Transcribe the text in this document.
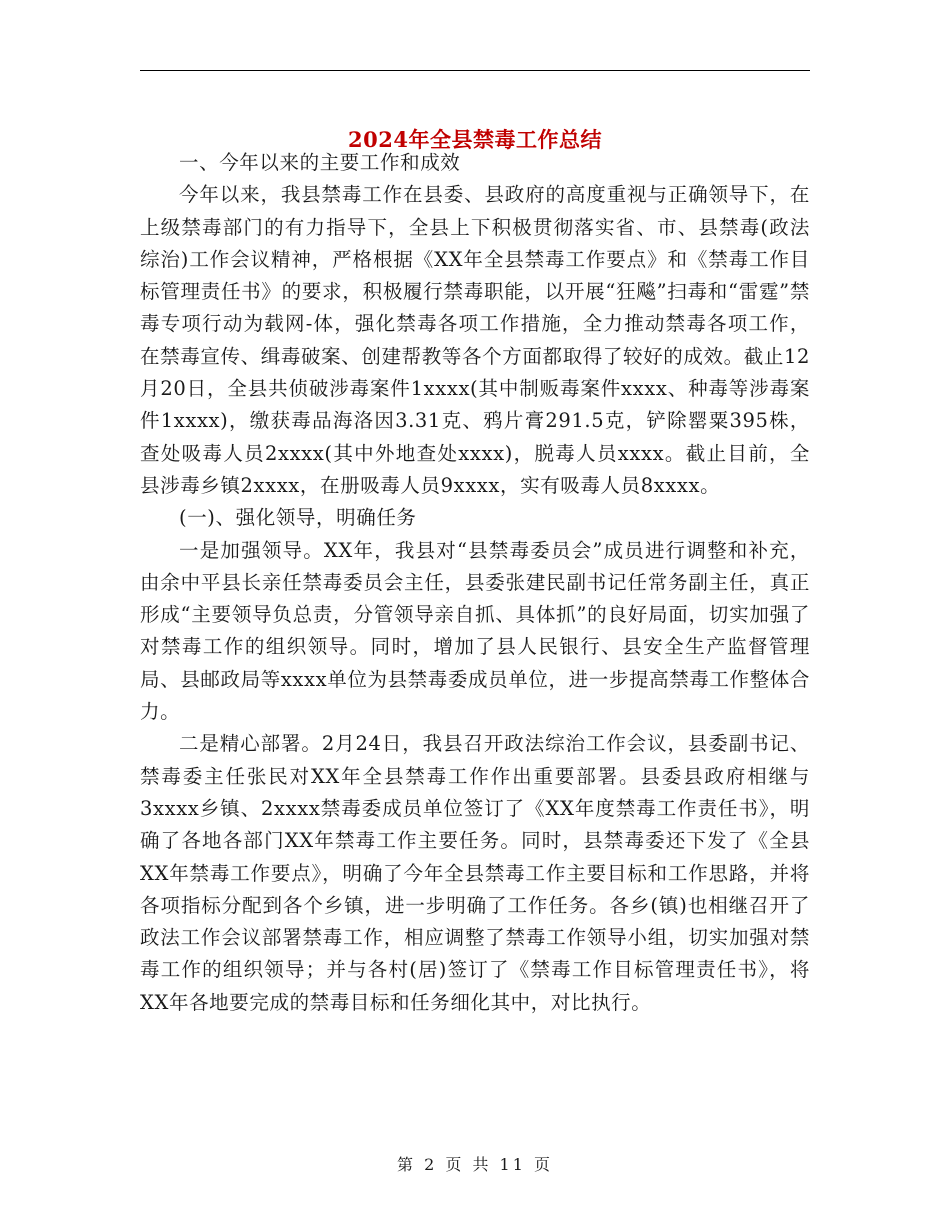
2024年全县禁毒工作总结

一、今年以来的主要工作和成效

今年以来，我县禁毒工作在县委、县政府的高度重视与正确领导下，在上级禁毒部门的有力指导下，全县上下积极贯彻落实省、市、县禁毒(政法综治)工作会议精神，严格根据《XX年全县禁毒工作要点》和《禁毒工作目标管理责任书》的要求，积极履行禁毒职能，以开展“狂飚”扫毒和“雷霆”禁毒专项行动为载网-体，强化禁毒各项工作措施，全力推动禁毒各项工作，在禁毒宣传、缉毒破案、创建帮教等各个方面都取得了较好的成效。截止12月20日，全县共侦破涉毒案件1xxxx(其中制贩毒案件xxxx、种毒等涉毒案件1xxxx)，缴获毒品海洛因3.31克、鸦片膏291.5克，铲除罂粟395株，查处吸毒人员2xxxx(其中外地查处xxxx)，脱毒人员xxxx。截止目前，全县涉毒乡镇2xxxx，在册吸毒人员9xxxx，实有吸毒人员8xxxx。

(一)、强化领导，明确任务

一是加强领导。XX年，我县对“县禁毒委员会”成员进行调整和补充，由余中平县长亲任禁毒委员会主任，县委张建民副书记任常务副主任，真正形成“主要领导负总责，分管领导亲自抓、具体抓”的良好局面，切实加强了对禁毒工作的组织领导。同时，增加了县人民银行、县安全生产监督管理局、县邮政局等xxxx单位为县禁毒委成员单位，进一步提高禁毒工作整体合力。

二是精心部署。2月24日，我县召开政法综治工作会议，县委副书记、禁毒委主任张民对XX年全县禁毒工作作出重要部署。县委县政府相继与3xxxx乡镇、2xxxx禁毒委成员单位签订了《XX年度禁毒工作责任书》，明确了各地各部门XX年禁毒工作主要任务。同时，县禁毒委还下发了《全县XX年禁毒工作要点》，明确了今年全县禁毒工作主要目标和工作思路，并将各项指标分配到各个乡镇，进一步明确了工作任务。各乡(镇)也相继召开了政法工作会议部署禁毒工作，相应调整了禁毒工作领导小组，切实加强对禁毒工作的组织领导；并与各村(居)签订了《禁毒工作目标管理责任书》，将XX年各地要完成的禁毒目标和任务细化其中，对比执行。

第 2 页 共 11 页
